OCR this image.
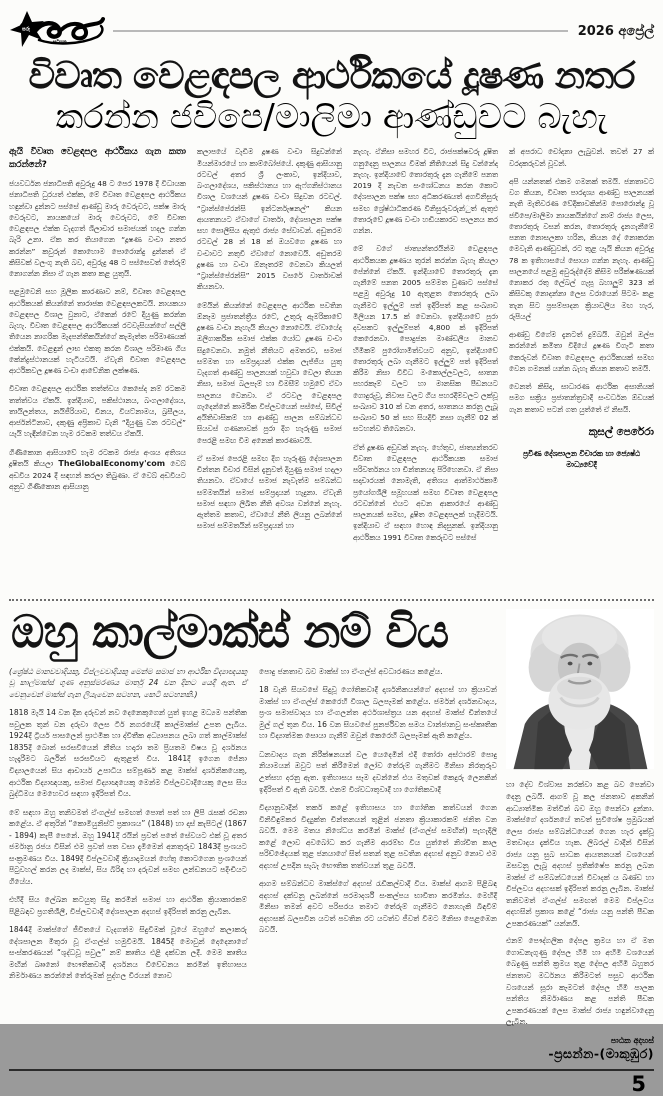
සරු
සටහන
2026 අප්‍රේල්
විවෘත වෙළඳපල ආර්ථිකයේ දූෂණ නතර
කරන්න ජවිපෙ/මාලිමා ආණ්ඩුවට බැහැ

ඇයි විවෘත වෙළඳපල ආර්ථිකය ගැන කතා කරන්නේ?

ජයවර්ධන ජනාධිපති අවුරුදු 48 ට පෙර 1978 දී විධායක ජනාධිපති ධුරයත් එක්ක, මේ විවෘත වෙළඳපල ආර්ථිකය හඳුන්වා දුන්නට පස්සේ ආණ්ඩු මාරු වෙරුවට, පක්ෂ මාරු වෙරුවට, නායකයෝ මාරු වෙරුවට, මේ විවෘත වෙළඳපල එක්ක වැදගත් ශිලාචාර සමාජයක් හදල ගන්න බැරි උනා. ඒක කර තියාගෙන “දූෂණ වංචා නතර කරන්න” කවුරුන් කොහොම පොරොන්දු දුන්නත් ඒ කිසිවක් වලංගු නැති බව, අවුරුදු 48 ට පස්සෙවත් තේරුම් නොගන්න නිසා ඒ ගැන කතා කළ යුතුයි.

පළමුවෙනි සහ මූලික කාරණාව නම්, විවෘත වෙළඳපල ආර්ථිකයක් කියන්නේ තාරාජක වෙළඳපලකටයි. නායකයා වෙළඳපල විශාල වුනාට, ඒකෙන් රටේ දියුණු කරන්න බැහැ. විවෘත වෙළඳපල ආර්ථිකයක් රටවැසියන්ගේ සල්ලි තියෙන නාගරික මැදපන්තිකයින්ගේ කැමැත්ත පරිමාණයක් එක්කයි. වෙළඳුන් ලාභ එකතු කරන විශාල පරිමාණ ගිය කේන්ද්‍රස්ථානයක් හැටියටයි. ඒවැනි විවෘත වෙළඳපල ආර්ථිකවල දූෂණ වංචා ආවේනික ලක්ෂණ.

විවෘත වෙළඳපල ආර්ථික තත්ත්වය කෙසේද නම් රටකම තත්ත්වය ඒකයි. ඉන්දියාව, පකිස්ථානය, බංගලාදේශය, තායිලන්තය, නයිජීරියාව, චීනය, වියට්නාමය, බ්‍රසීලය, ආර්ජන්ටිනාව, දකුණු අප්‍රිකාව වැනි “දියුණු වන රටවල්” යැයි හැඳින්වෙන හැම රටකම තත්වය ඒකයි.

ගිණිකොන ආසියාවේ හැම රටකම රාජ්‍ය අංශය අතිශය දූෂිතයි කියලා TheGlobalEconomy'com වෙබ් අඩවිය 2024 දී සඳහන් කරලා තිබුණා. ඒ වෙබ් අඩවියට අනුව ගිණිකොන ආසියානු

කලාපයේ වැඩිම දූෂණ වංචා සිදුවන්නේ මියන්මාරයේ හා කාම්බෝජයේ. දකුණු ආසියානු රටවල් අතර ශ්‍රී ලංකාව, ඉන්දියාව, බංගලාදේශය, පකිස්ථානය හා ඇෆ්ගනිස්ථානය විශාල වශයෙන් දූෂණ වංචා සිදුවන රටවල්. “ට්‍රාන්ස්පේරන්සි ඉන්ටර්නැෂනල්” කියන ආයතනයට ඒවාගේ වාර්තා, දේශපාලන පක්ෂ සහ පොලීසිය ඇතුළු රාජ්‍ය සේවාවන්. අඩුතරම රටවල් 28 න් 18 ක් ඔයවගෙ දූෂණ හා වංචාවට නතුවී ඒවාගේ නොවෙයි. අඩුතරම දූෂණ හා වංචා ඕනෑතරම් වෙනවා කියලත් “ට්‍රාන්ස්පේරන්සි” 2015 වසරේ වාර්තාවක් කියනවා.

මේයින් කියන්නේ වෙළඳපල ආර්ථික පවතින ඕනෑම ප්‍රජාතන්ත්‍රීය රටේ, උතුරු ඇමරිකාවේ දූෂණ වංචා නැහැයි කියලා නොවෙයි. ඒවායේද ඔලිගාර්කික සමාජ එක්ක යෝධ දූෂණ වංචා සිදුවෙනවා. නමුත් නීතියට අමතරව, සමාජ සම්මත හා සම්ප්‍රදායන් එක්ක ලැජ්ජිය යුතු වැදගත් ආණ්ඩු පාලනයක් හවුඩා වෙලා තියන නිසා, සමාජ බලපෑම් හා විමසීම් හමුවේ ඒවා පාලනය වෙනවා. ඒ රටවල වෙළඳපල ගැදෙන්නේ කාර්මික විප්ලවයෙන් පස්සේ, සිවිල් අයිතිවාසිකම් හා ආණ්ඩු පාලන සම්බන්ධව සියවස් ගණනාවක් පුරා දිග හැරුණු සමාජ පෙරළි සමඟ විම අනෙක් කාරණාවයි.

ඒ සමාජ පෙරළි සමඟ දිග හැරුණු දේශපාලන චින්තන විචාර විසින් දැනුවත් දියුණු සමාජ හදලා තියනවා. ඒවායේ සමාජ නැවැත්ම සම්බන්ධ සම්මතයින් සමාජ සම්ප්‍රදායන් හැදුනා. ඒවැනි සමාජ සඳහා ලිඛිත නීති අවශ්‍ය වන්නේ නැහැ. ඇත්තම කතාව, ඒවායේ නීති ලියනු ලබන්නේ සමාජ සම්මතයින් සම්ප්‍රදායන් හා

නැහැ. ඒනිසා සමහර විට, රාජපක්ෂවරු දූෂිත ගනුදෙනු පාලනය වීමක් නීතියෙන් සිදු වන්නේද නැහැ. ඉන්දියාවේ තොරතුරු දැන ගැනීමේ පනත 2019 දී නැවත සංශෝධනය කරන කොට දේශපාලන පක්ෂ සහ අධිකරණයත් අගවිනිසුරු සමඟ ශ්‍රේෂ්ඨාධිකරණ විනිසුරුවරුන්ුත් ඇතුළු තොරුවේ දූෂණ වංචා හඬියකාරව පාලනය කර ගන්න.

මේ වගේ ජාත්‍යන්තරයින්ම වෙළඳපල ආර්ථිකයක දූෂණය තුරන් කරන්න බැහැ කියලා පේන්නේ ඒකයි. ඉන්දියාවේ තොරතුරු දැන ගැනීමේ පනත 2005 සම්මත වුණාට පස්සේ පළමු අවුරුදු 10 ඇතුළත තොරතුරු ලබා ගැනීමට ඉල්ලුම් පත් ඉදිරිපත් කළ සංඛ්‍යාව මිලියන 17.5 ක් වෙනවා. ඉන්දියාවේ පුරා දවසකට ඉල්ලුම්පත් 4,800 ක් ඉදිරිපත් කෙරෙනවා. පොදුජන මාණ්ඩලීය මානව හිමිකම් පුරෝගාමීත්වයට අනුව, ඉන්දියාවේ තොරතුරු ලබා ගැනීමට ඉල්ලුම් පත් ඉදිරිපත් කිරීම නිසා විවිධ මංකොල්ලවලට, ඝාතන පහරකෑම් වලට හා මානසික පීඩනයට ගොදුරුවූ, නිවාස වලට ගිය පහරදීම්වලට ලක්වූ සංඛ්‍යාව 310 ක් වන අතර, ඝාතනය කරනු ලැබූ සංඛ්‍යාව 50 ක් සහ සියදිවි නසා ගැනීම් 02 ක් සටහන්ව තිබෙනවා.

ඒත් දූෂණ අඩුවක් නැහැ. හේතුව, ජාත්‍යන්තරව විවෘත වෙළඳපල ආර්ථිකයක සමාජ පරිවර්තනය හා චින්තනයද පිරිහෙනවා. ඒ නිසා සදාචාරයක් නොමැති, අතිශය ආත්මාර්ථකාමී ප්‍රයෝගශීලී සමූහයක් සමඟ විවෘත වෙළඳපල රටවන්නේ එයට අවන ආකාරයේ ආණ්ඩු පාලනයක් සමඟ, දූෂිත වෙළඳපලක් හැදීමටයි. ඉන්දියාව ඒ සඳහා හොඳ නිදසුනක්. ඉන්දියානු ආර්ථිකය 1991 විවෘත කෙරුවට පස්සේ

ක් අපරාධ චෝදනා ලැබුවන්. තවත් 27 ක් වරදකරුවන් වූවන්.

අපි යන්නතක් එකම ගමනක් තමයි. ජනතාවට වග කියන, විවෘත පාරදෘශ්‍ය ආණ්ඩු පාලනයක් නැති මැතිවරණ වේදිකාවකින්ම පොරොන්දු වූ ජවිපෙ/මාලිමා නායකයින්ගේ නාම් රාජ්‍ය ලෙස, තොරතුරු වසන් කරන, තොරතුරු දැනගැනීමේ පනත නොසලකා හරින, කියන දේ නොකරන මෙවැනි ආණ්ඩුවක්, රට තුළ යැයි කියන අවුරුදු 78 ක ඉතිහාසයේ සොයා ගන්න නැහැ. ආණ්ඩු පාලනයේ පළමු අවුරුද්දේම කිසිම පරීක්ෂණයක් නොකර රතු ලේබල් ගැසූ බහාලුම් 323 ක් කිසිවකු නොදන්නා ලෙස වරායෙන් පිටමං කළ තැන සිට ප්‍රසම්පාදන ක්‍රියාවලිය මඟ හැර, රුපියල්

ආණ්ඩු විගේම දැනටත් දුම්බයි. ඔවුන් ඔල්ප කරන්නේ කමිතා විදියේ දූෂණ විගැටි කතා කෙරුවන් විවෘත වෙළඳපල ආර්ථිකයක් සමඟ වෙන ගමනක් යන්න බැහැ කියන කතාව තමයි.

වෙනත් කිසිද, සාධාරණ ආර්ථික අසානියක් පමග සක්‍රිය ප්‍රජාතන්ත්‍රවාදී සංවර්ධන ඕඩයක් ගැන කතාව පටන් ගත යුත්තේ ඒ නිසයි.

කුසල් පෙරේරා
ප්‍රවීණ දේශපාලන විචාරක හා ජ්‍යෙෂ්ඨ මාධ්‍යවේදී
ඔහු කාල්මාක්ස් නම් විය

(ශ්‍රේෂ්ඨ මානවවාදියකු, විප්ලවවාදියකු මෙන්ම සමාජ හා ආර්ථික විද්‍යාඥයකු වූ කාල්මාක්ස් ගුණ අනුස්මරණය මාර්තු 24 වන දිනට යෙදී ඇත. ඒ වෙනුවෙන් මාක්ස් ගැන ලියැවෙන සටහන, කෙටි සටහනකි.)

1818 මැයි 14 වන දින දරුවන් නව දෙනෙකුගෙන් යුත් ඉහළ මධ්‍යම පන්තික පවුලක තුන් වන දරුවා ලෙස ටිර් නගරයේදී කාල්මාක්ස් උපත ලැබීය. 1924දී ට්‍රියර් පාසලෙන් ප්‍රාථමික හා ද්විතීක අධ්‍යාපනය ලබා ගත් කාල්මාක්ස් 1835දී බොන් සරසවියෙන් නීතිය හදාරා තම ප්‍රියතම විෂය වූ දර්ශනය හැදෑරීමට බර්ලින් සරසවියට ඇතුළත් විය. 1841දී ඉගෙන ජේනා විද්‍යාලයෙන් සිය ආචාර්ය උපාධිය සම්පූර්ණ කළ මාක්ස් දාර්ශනිකයෙකු, ආර්ථික විද්‍යාඥයකු, සමාජ විද්‍යාඥයෙකු මෙන්ම විප්ලවවාදියෙකු ලෙස සිය බුද්ධිමය මෙහෙවර සඳහා ඉදිරිපත් විය.

මේ සඳහා ඔහු තනිවමත් ඒංගල්ස් සමඟත් පොත් පත් හා ලිපි රැසක් රචනා කළේය. ඒ අතුරින් “කොමියුනිස්ට් ප්‍රකාශය” (1848) හා දාස් කැපිටල් (1867 - 1894) කැපී පෙනේ. ඔහු 1941දී රයින් ප්‍රවත් පතේ සේවයට එක් වූ අතර ජර්මානු රජය විසින් එම ප්‍රවත් පත වසා දැමීමෙන් අනතුරුව 1843දී ප්‍රංශයට සංක්‍රමණය විය. 1849දී විප්ලවවාදී ක්‍රියාදාමයන් හේතු කොටගෙන ප්‍රංශයෙන් පිටුවහල් කරන ලද මාක්ස්, සිය බිරිඳ හා දරුවන් සමඟ ලන්ඩනයට පදිංචියට ගියේය.

එහිදී සිය ලේඛන කටයුතු සිදු කරමින් සමාජ හා ආර්ථික ක්‍රියාකාරකම් පිළිබඳව ප්‍රගතිශීලී, විප්ලවවාදී දේශපාලන අදහස් ඉදිරිපත් කරනු ලැබීන.

1844දී මාක්ස්ගේ ජීවිතයේ වැදගත්ම සිදුවීමක් වූයේ ඔහුගේ කලාකරු දේශපාලන මිතුරා වූ ඒංගල්ස් හමුවීමයි. 1845දී මොවුන් දෙදෙනාගේ සංස්කරණයන් “ශුද්ධවූ පවුල” නම් කෘතිය එළි දක්වන ලදී. මෙම කෘතිය මඟින් බෲනෝ භෞතිකවාදී දර්ශනය විවේචනය කරමින් ඉතිහාසය නිර්මාණය කරන්නේ තේරුමක් පුද්ගල වීරයන් නොව

පොදු ජනතාව බව මාක්ස් හා ඒංගල්ස් අවධාරණය කළේය.

18 වැනි සියවසේ සිදුවූ ගෝතිකවාදී දාර්ශනිකයන්ගේ අදහස් හා ක්‍රියාවන් මාක්ස් හා ඒංගල්ස් කෙරෙහි විශාල බලපෑමක් කළේය. ජර්මන් දර්ශනවාදය, ප්‍රංශ සමාජවාදය හා ඒංගලන්ත අර්ථශාස්ත්‍රය යන අදහස් මාක්ස් චින්තයේ මුල් ගල් තුන විය. 16 වන සියවසේ පුනර්ජීවන සමය වාන්ජානවු සංස්කෘතික හා විද්‍යාත්මක සොයා ගැනීම් ඔවුන් කෙරෙහි බලපෑමක් ඇති කළේය.

ධනවාදය ගැන නිරීක්ෂනයන් වල යෙදෙමින් එදී තෝරා අස්ථාරම් පොදු නියාමයන් ඔවුට පත් කිරීමෙන් ලෝව තේරුම් ගැනීමට මිනිසා නිරතුරුව උත්සහ දරනු ඇත. ඉතිහාසය සෑම දවන්නේ එය මතුවක් කෙදුරු ලෙනකින් ඉදිරිපත් වී ඇති බවයි. එනම් විශ්වධාතුවාදී හා ගෝතිකවාදී

විද්‍යානුවාදීන් තර්ක කළේ ඉතිහාසය හා ගෝතික කත්වයන් ගෙන විනිවිඳුම්කර විද්‍යුක්ත චින්තනයන් තුළින් ජනතා ක්‍රියාකාරකම් ජනිත වන බවයි. මෙම මතය නිශේධය කරමින් මාක්ස් (ඒංගල්ස් සමඟින්) පැහැදිලි කළේ ලොව අවබෝධ කර ගැනීම ආරම්භ විය යුත්තේ නිශ්චිත කාල පරිච්ඡේදයක් තුළ ජනයාගේ සිත් සතන් තුළ පවතින අදහස් අනුව නොව එම අදහස් උපදින සැබෑ භෞතික තත්වයන් තුළ බවයි.

ආගම සම්බන්ධව මාක්ස්ගේ අදහස් රැඩිකල්වාදී විය. මාක්ස් ආගම පිළිබඳ අදහස් දක්වනු ලබන්නේ පරමාදර්ශී සංකල්පය භාවිතා කරමින්ය. මෙහිදී මිනිසා තමන් අවට පරිසරය තමාට තේරුම් ගැනීමට නොහැකි බිඳවීම් අදහසක් බලපවින යටත් පවතින රට යටත්ව ජීවත් වීමට මිනිසා පෙළඹෙන බවයි.

හා දේව විශ්වාස නරක්වා කළ බව පෙන්වා දෙනු ලබයි. ආගම් වූ කල ජනතාව අකනින් ආධ්‍යාත්මික මත්වින් බව ඔහු පෙන්වා දුන්නා. මාක්ස්ගේ දර්ශනයේ තවත් සුවිශේෂ ප්‍රමුඛයක් ලෙස රාජ්‍ය සම්බන්ධයෙන් ගෙන හැර දැක්වූ මතවාදය දැක්විය හැක. ලිබරල් වාදීන් විසින් රාජ්‍ය යනු සුබ සාධක ආයතනයක් වශයෙන් ඔසවනු ලැබූ අදහස් ප්‍රතික්ෂේප කරනු ලබන මාක්ස් ඒ සම්බන්ධයෙන් විවාදක් ය ඛණ්ඩ හා විප්ලවය අදහසක් ඉදිරිපත් කරනු ලැබින. මාක්ස් තනිවමත් ඒංගල්ස් සමඟත් මෙම විප්ලවය අදහසින් ප්‍රකාශ කළේ “රාජ්‍ය යනු පන්ති පීඩක උපකරණයක්” යන්නයි.

එනම් පෞද්ගලික දේපල ක්‍රමය හා ඒ මත ගොඩනැගුණු දේපල හිමි හා අහිමි වශයෙන් බෙදුණු පන්ති ක්‍රමය තුළ දේපල අහිමි බහුතර ජනතාව මර්ධනය කිරීමටත් පසුව ආර්ථික වශයෙන් සූරා කෑමටත් දේපල හිමි පාලක පන්තිය නිර්මාණය කළ පන්ති පීඩක උපකරණයක් ලෙස මාක්ස් රාජ්‍ය හඳුන්වාදෙනු ලැබීන.

පාඨක අදහස්
-ප්‍රසන්න-(මාකුඹුර)
5
